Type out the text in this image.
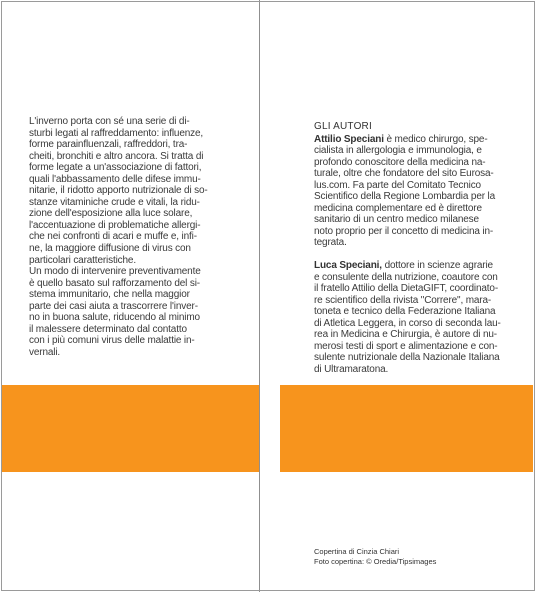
L'inverno porta con sé una serie di di-
sturbi legati al raffreddamento: influenze,
forme parainfluenzali, raffreddori, tra-
cheiti, bronchiti e altro ancora. Si tratta di
forme legate a un'associazione di fattori,
quali l'abbassamento delle difese immu-
nitarie, il ridotto apporto nutrizionale di so-
stanze vitaminiche crude e vitali, la ridu-
zione dell'esposizione alla luce solare,
l'accentuazione di problematiche allergi-
che nei confronti di acari e muffe e, infi-
ne, la maggiore diffusione di virus con
particolari caratteristiche.
Un modo di intervenire preventivamente
è quello basato sul rafforzamento del si-
stema immunitario, che nella maggior
parte dei casi aiuta a trascorrere l'inver-
no in buona salute, riducendo al minimo
il malessere determinato dal contatto
con i più comuni virus delle malattie in-
vernali.
GLI AUTORI
Attilio Speciani è medico chirurgo, spe-
cialista in allergologia e immunologia, e
profondo conoscitore della medicina na-
turale, oltre che fondatore del sito Eurosa-
lus.com. Fa parte del Comitato Tecnico
Scientifico della Regione Lombardia per la
medicina complementare ed è direttore
sanitario di un centro medico milanese
noto proprio per il concetto di medicina in-
tegrata.
Luca Speciani, dottore in scienze agrarie
e consulente della nutrizione, coautore con
il fratello Attilio della DietaGIFT, coordinato-
re scientifico della rivista "Correre", mara-
toneta e tecnico della Federazione Italiana
di Atletica Leggera, in corso di seconda lau-
rea in Medicina e Chirurgia, è autore di nu-
merosi testi di sport e alimentazione e con-
sulente nutrizionale della Nazionale Italiana
di Ultramaratona.
Copertina di Cinzia Chiari
Foto copertina: © Oredia/Tipsimages
